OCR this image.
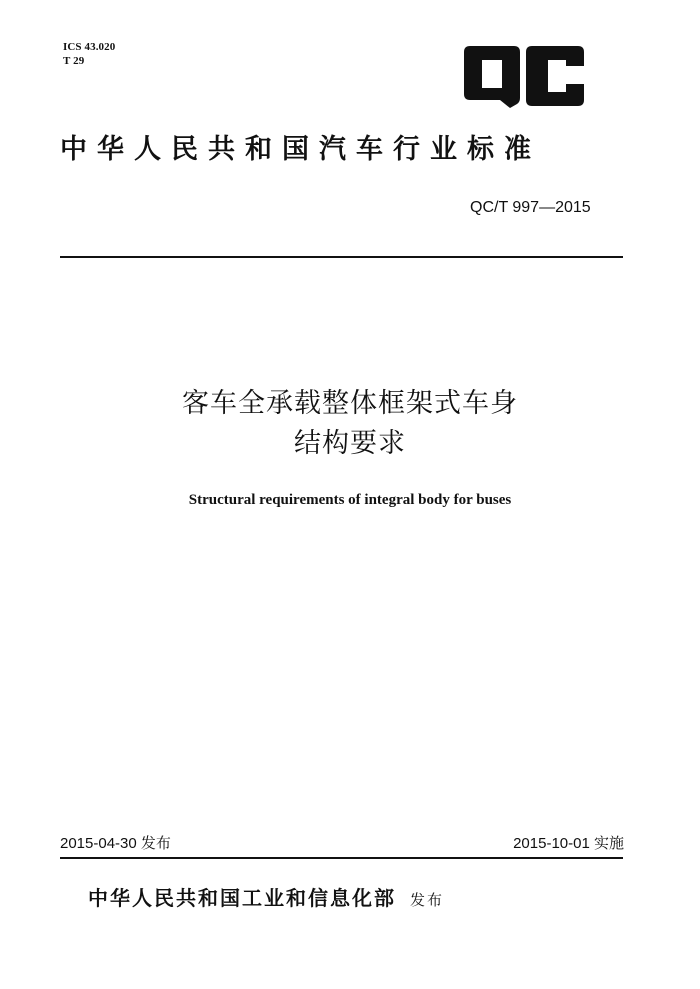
ICS 43.020
T 29
中华人民共和国汽车行业标准
QC/T 997—2015
客车全承载整体框架式车身
结构要求
Structural requirements of integral body for buses
2015-04-30 发布	2015-10-01 实施
中华人民共和国工业和信息化部 发布
